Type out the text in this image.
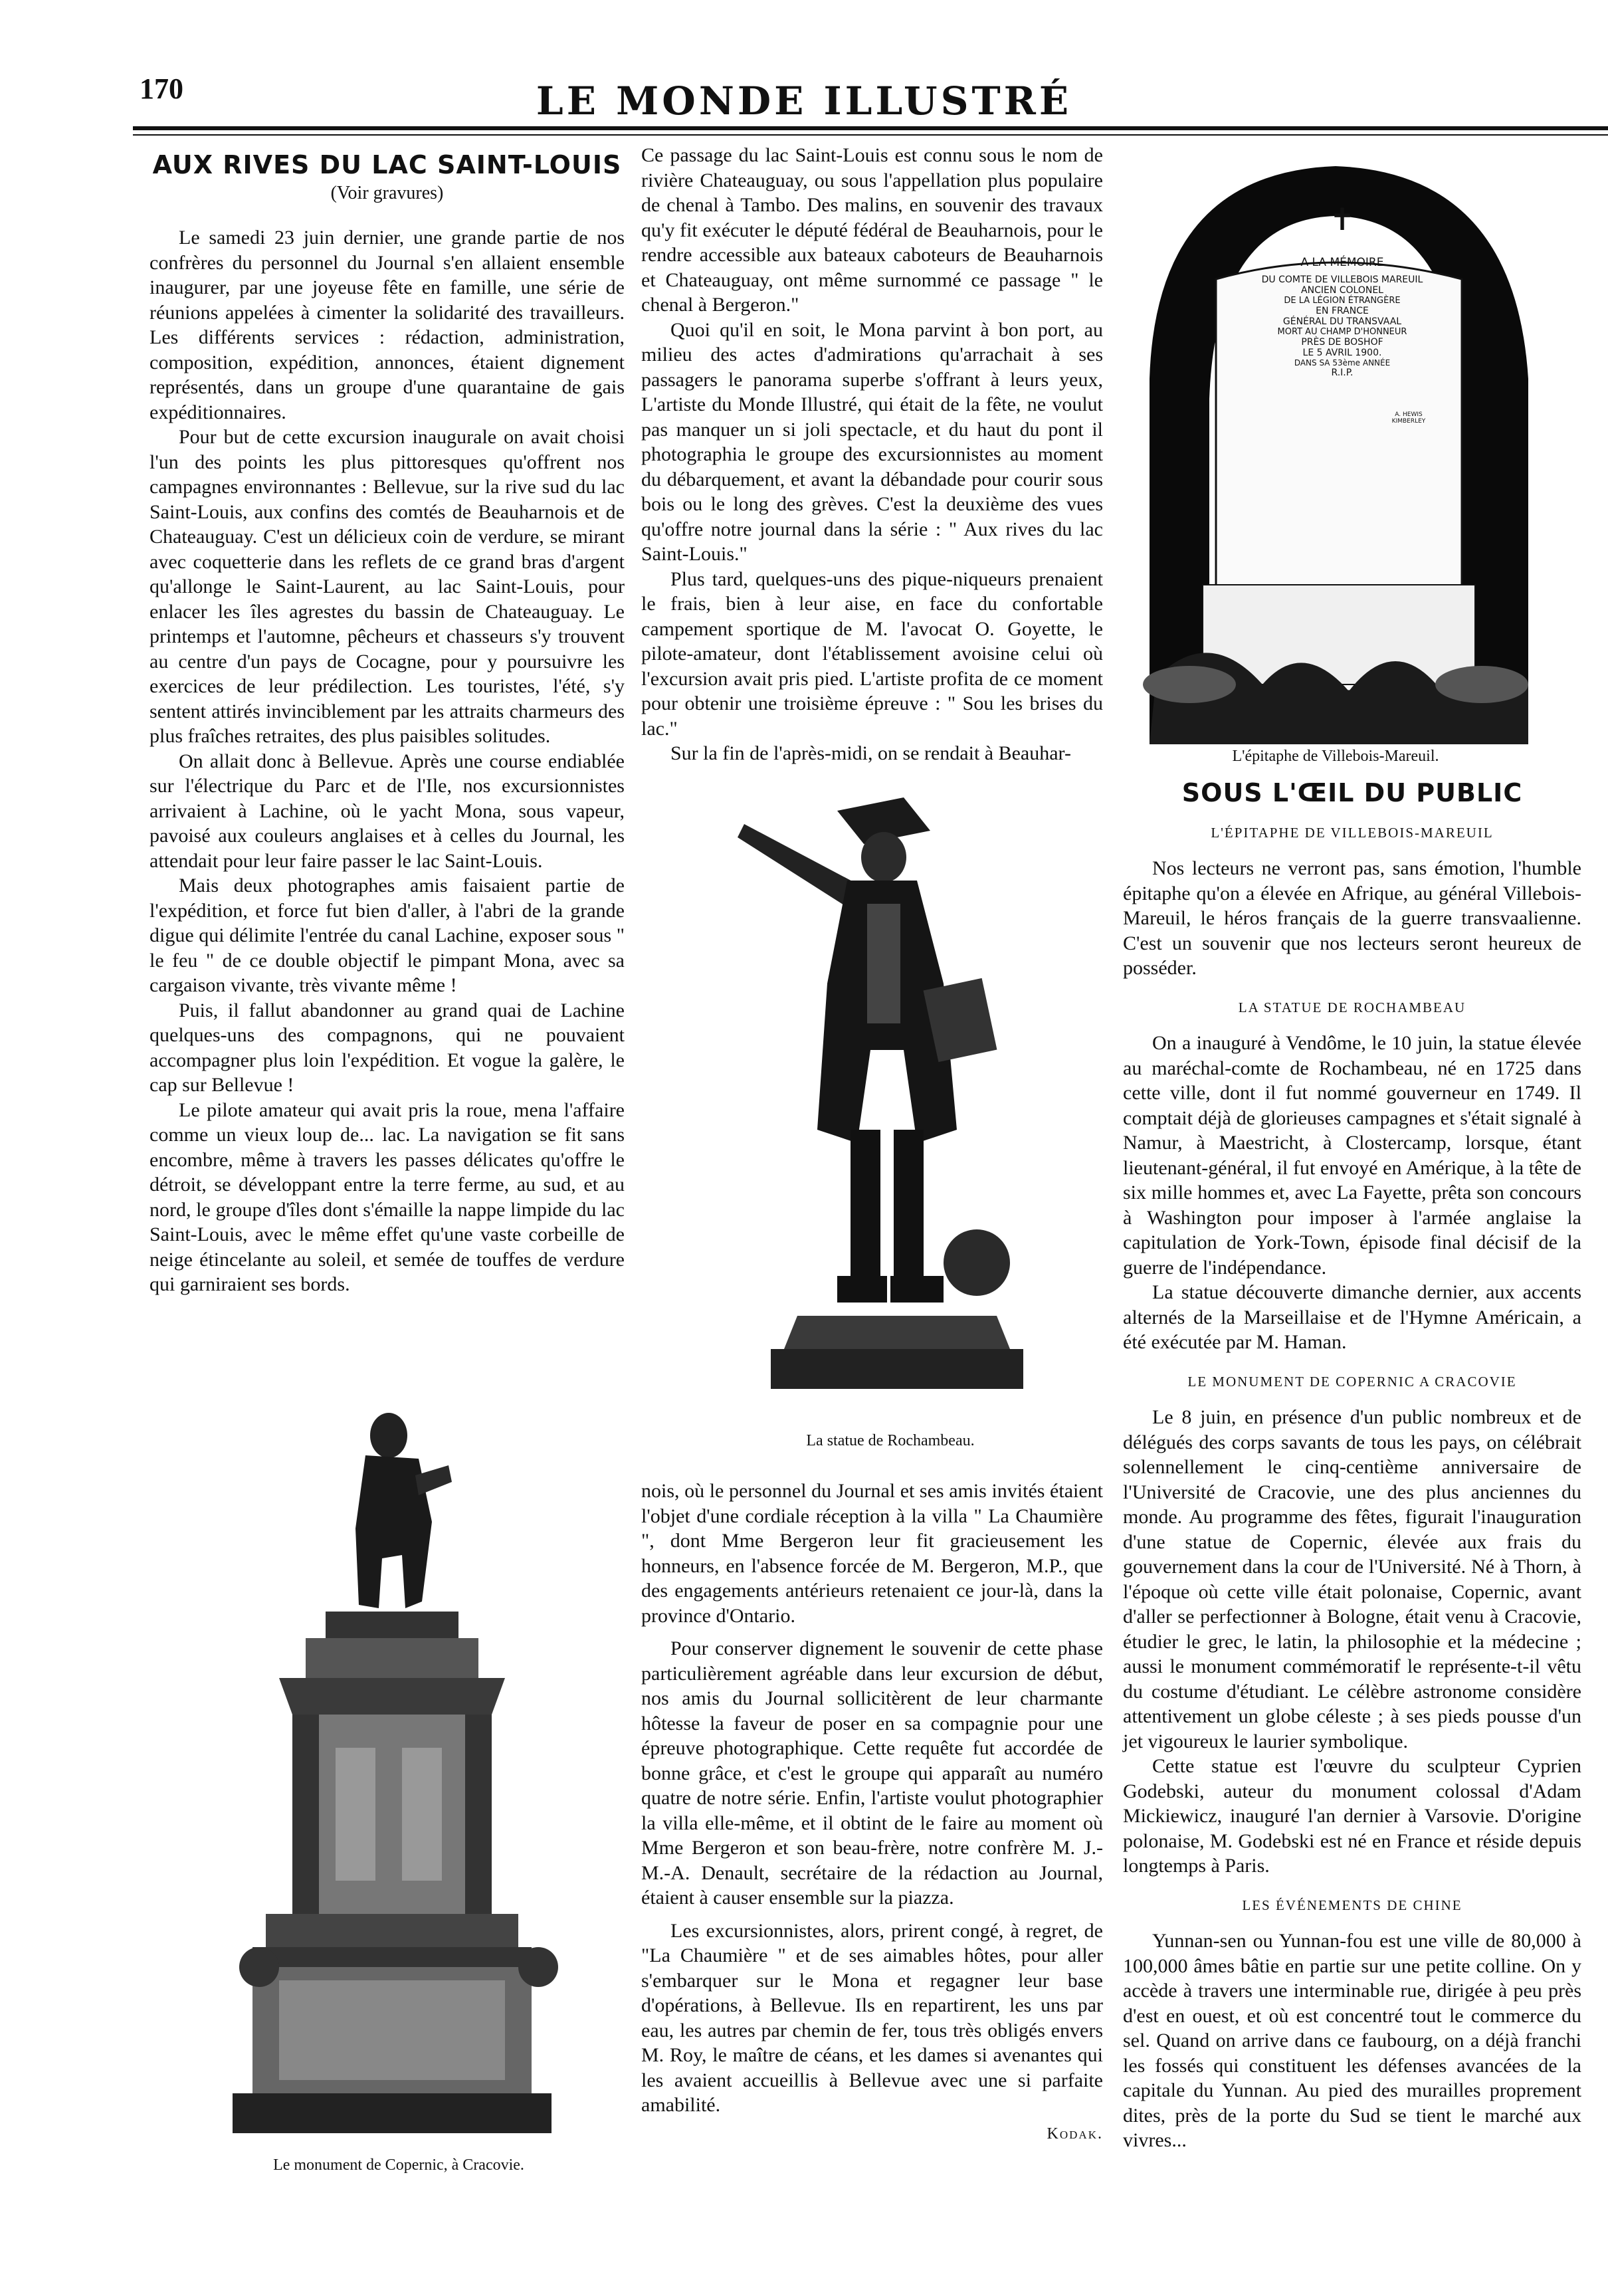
170	LE MONDE ILLUSTRÉ
AUX RIVES DU LAC SAINT-LOUIS
(Voir gravures)

Le samedi 23 juin dernier, une grande partie de nos confrères du personnel du Journal s'en allaient ensemble inaugurer, par une joyeuse fête en famille, une série de réunions appelées à cimenter la solidarité des travailleurs. Les différents services : rédaction, administration, composition, expédition, annonces, étaient dignement représentés, dans un groupe d'une quarantaine de gais expéditionnaires.

Pour but de cette excursion inaugurale on avait choisi l'un des points les plus pittoresques qu'offrent nos campagnes environnantes : Bellevue, sur la rive sud du lac Saint-Louis, aux confins des comtés de Beauharnois et de Chateauguay. C'est un délicieux coin de verdure, se mirant avec coquetterie dans les reflets de ce grand bras d'argent qu'allonge le Saint-Laurent, au lac Saint-Louis, pour enlacer les îles agrestes du bassin de Chateauguay. Le printemps et l'automne, pêcheurs et chasseurs s'y trouvent au centre d'un pays de Cocagne, pour y poursuivre les exercices de leur prédilection. Les touristes, l'été, s'y sentent attirés invinciblement par les attraits charmeurs des plus fraîches retraites, des plus paisibles solitudes.

On allait donc à Bellevue. Après une course endiablée sur l'électrique du Parc et de l'Ile, nos excursionnistes arrivaient à Lachine, où le yacht Mona, sous vapeur, pavoisé aux couleurs anglaises et à celles du Journal, les attendait pour leur faire passer le lac Saint-Louis.

Mais deux photographes amis faisaient partie de l'expédition, et force fut bien d'aller, à l'abri de la grande digue qui délimite l'entrée du canal Lachine, exposer sous " le feu " de ce double objectif le pimpant Mona, avec sa cargaison vivante, très vivante même !

Puis, il fallut abandonner au grand quai de Lachine quelques-uns des compagnons, qui ne pouvaient accompagner plus loin l'expédition. Et vogue la galère, le cap sur Bellevue !

Le pilote amateur qui avait pris la roue, mena l'affaire comme un vieux loup de... lac. La navigation se fit sans encombre, même à travers les passes délicates qu'offre le détroit, se développant entre la terre ferme, au sud, et au nord, le groupe d'îles dont s'émaille la nappe limpide du lac Saint-Louis, avec le même effet qu'une vaste corbeille de neige étincelante au soleil, et semée de touffes de verdure qui garniraient ses bords.

Le monument de Copernic, à Cracovie.

Ce passage du lac Saint-Louis est connu sous le nom de rivière Chateauguay, ou sous l'appellation plus populaire de chenal à Tambo. Des malins, en souvenir des travaux qu'y fit exécuter le député fédéral de Beauharnois, pour le rendre accessible aux bateaux caboteurs de Beauharnois et Chateauguay, ont même surnommé ce passage " le chenal à Bergeron."

Quoi qu'il en soit, le Mona parvint à bon port, au milieu des actes d'admirations qu'arrachait à ses passagers le panorama superbe s'offrant à leurs yeux, L'artiste du Monde Illustré, qui était de la fête, ne voulut pas manquer un si joli spectacle, et du haut du pont il photographia le groupe des excursionnistes au moment du débarquement, et avant la débandade pour courir sous bois ou le long des grèves. C'est la deuxième des vues qu'offre notre journal dans la série : " Aux rives du lac Saint-Louis."

Plus tard, quelques-uns des pique-niqueurs prenaient le frais, bien à leur aise, en face du confortable campement sportique de M. l'avocat O. Goyette, le pilote-amateur, dont l'établissement avoisine celui où l'excursion avait pris pied. L'artiste profita de ce moment pour obtenir une troisième épreuve : " Sou les brises du lac."

Sur la fin de l'après-midi, on se rendait à Beauhar-

La statue de Rochambeau.

nois, où le personnel du Journal et ses amis invités étaient l'objet d'une cordiale réception à la villa " La Chaumière ", dont Mme Bergeron leur fit gracieusement les honneurs, en l'absence forcée de M. Bergeron, M.P., que des engagements antérieurs retenaient ce jour-là, dans la province d'Ontario.

Pour conserver dignement le souvenir de cette phase particulièrement agréable dans leur excursion de début, nos amis du Journal sollicitèrent de leur charmante hôtesse la faveur de poser en sa compagnie pour une épreuve photographique. Cette requête fut accordée de bonne grâce, et c'est le groupe qui apparaît au numéro quatre de notre série. Enfin, l'artiste voulut photographier la villa elle-même, et il obtint de le faire au moment où Mme Bergeron et son beau-frère, notre confrère M. J.-M.-A. Denault, secrétaire de la rédaction au Journal, étaient à causer ensemble sur la piazza.

Les excursionnistes, alors, prirent congé, à regret, de "La Chaumière " et de ses aimables hôtes, pour aller s'embarquer sur le Mona et regagner leur base d'opérations, à Bellevue. Ils en repartirent, les uns par eau, les autres par chemin de fer, tous très obligés envers M. Roy, le maître de céans, et les dames si avenantes qui les avaient accueillis à Bellevue avec une si parfaite amabilité.

Kodak.
✝
A LA MÉMOIRE
DU COMTE DE VILLEBOIS MAREUIL
ANCIEN COLONEL
DE LA LÉGION ÉTRANGÈRE
EN FRANCE
GÉNÉRAL DU TRANSVAAL
MORT AU CHAMP D'HONNEUR
PRÈS DE BOSHOF
LE 5 AVRIL 1900.
DANS SA 53ème ANNÉE
R.I.P.
A. HEWIS KIMBERLEY
L'épitaphe de Villebois-Mareuil.
SOUS L'ŒIL DU PUBLIC
L'ÉPITAPHE DE VILLEBOIS-MAREUIL

Nos lecteurs ne verront pas, sans émotion, l'humble épitaphe qu'on a élevée en Afrique, au général Villebois-Mareuil, le héros français de la guerre transvaalienne. C'est un souvenir que nos lecteurs seront heureux de posséder.

LA STATUE DE ROCHAMBEAU

On a inauguré à Vendôme, le 10 juin, la statue élevée au maréchal-comte de Rochambeau, né en 1725 dans cette ville, dont il fut nommé gouverneur en 1749. Il comptait déjà de glorieuses campagnes et s'était signalé à Namur, à Maestricht, à Clostercamp, lorsque, étant lieutenant-général, il fut envoyé en Amérique, à la tête de six mille hommes et, avec La Fayette, prêta son concours à Washington pour imposer à l'armée anglaise la capitulation de York-Town, épisode final décisif de la guerre de l'indépendance.

La statue découverte dimanche dernier, aux accents alternés de la Marseillaise et de l'Hymne Américain, a été exécutée par M. Haman.

LE MONUMENT DE COPERNIC A CRACOVIE

Le 8 juin, en présence d'un public nombreux et de délégués des corps savants de tous les pays, on célébrait solennellement le cinq-centième anniversaire de l'Université de Cracovie, une des plus anciennes du monde. Au programme des fêtes, figurait l'inauguration d'une statue de Copernic, élevée aux frais du gouvernement dans la cour de l'Université. Né à Thorn, à l'époque où cette ville était polonaise, Copernic, avant d'aller se perfectionner à Bologne, était venu à Cracovie, étudier le grec, le latin, la philosophie et la médecine ; aussi le monument commémoratif le représente-t-il vêtu du costume d'étudiant. Le célèbre astronome considère attentivement un globe céleste ; à ses pieds pousse d'un jet vigoureux le laurier symbolique.

Cette statue est l'œuvre du sculpteur Cyprien Godebski, auteur du monument colossal d'Adam Mickiewicz, inauguré l'an dernier à Varsovie. D'origine polonaise, M. Godebski est né en France et réside depuis longtemps à Paris.

LES ÉVÉNEMENTS DE CHINE

Yunnan-sen ou Yunnan-fou est une ville de 80,000 à 100,000 âmes bâtie en partie sur une petite colline. On y accède à travers une interminable rue, dirigée à peu près d'est en ouest, et où est concentré tout le commerce du sel. Quand on arrive dans ce faubourg, on a déjà franchi les fossés qui constituent les défenses avancées de la capitale du Yunnan. Au pied des murailles proprement dites, près de la porte du Sud se tient le marché aux vivres...
